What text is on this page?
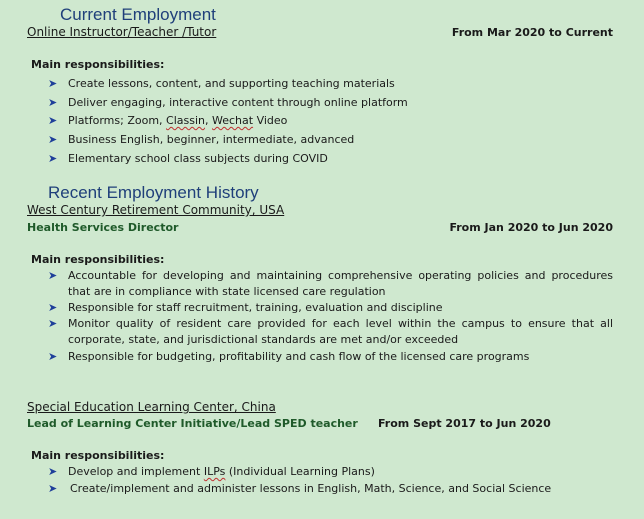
Current Employment
Online Instructor/Teacher /Tutor	From Mar 2020 to Current
Main responsibilities:
➤ Create lessons, content, and supporting teaching materials
➤ Deliver engaging, interactive content through online platform
➤ Platforms; Zoom, Classin, Wechat Video
➤ Business English, beginner, intermediate, advanced
➤ Elementary school class subjects during COVID
Recent Employment History
West Century Retirement Community, USA
Health Services Director	From Jan 2020 to Jun 2020
Main responsibilities:
➤ Accountable for developing and maintaining comprehensive operating policies and procedures that are in compliance with state licensed care regulation
➤ Responsible for staff recruitment, training, evaluation and discipline
➤ Monitor quality of resident care provided for each level within the campus to ensure that all corporate, state, and jurisdictional standards are met and/or exceeded
➤ Responsible for budgeting, profitability and cash flow of the licensed care programs
Special Education Learning Center, China
Lead of Learning Center Initiative/Lead SPED teacher From Sept 2017 to Jun 2020
Main responsibilities:
➤ Develop and implement ILPs (Individual Learning Plans)
➤ Create/implement and administer lessons in English, Math, Science, and Social Science
